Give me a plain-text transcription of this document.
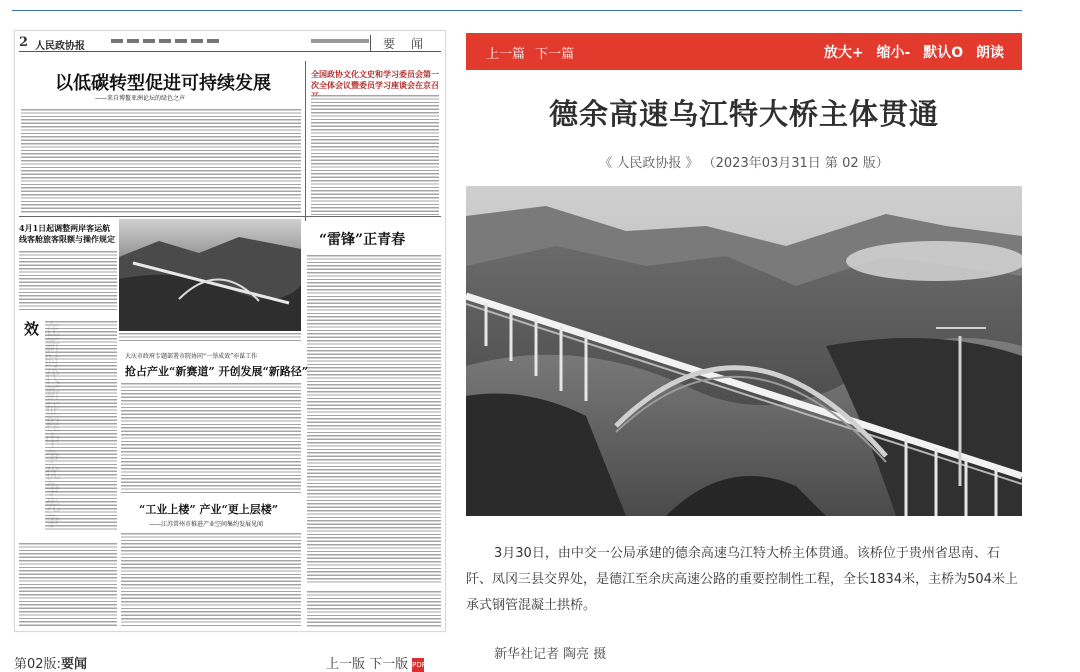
2 人民政协报	要闻
以低碳转型促进可持续发展
——来自博鳌亚洲论坛的绿色之声
全国政协文化文史和学习委员会第一次全体会议暨委员学习座谈会在京召
4月1日起调整两岸客运航线客舱旅客限额与操作规定	“雷锋”正青春
效
大庆市政府专题部署市院协同“一举成效”亦谋工作
抢占产业“新赛道” 开创发展“新路径”
“工业上楼” 产业“更上层楼”
——江苏常州市推进产业空间集约发展见闻
第02版:要闻	上一版 下一版 PDF
上一篇 下一篇	放大+ 缩小- 默认O 朗读
德余高速乌江特大桥主体贯通
《 人民政协报 》 （2023年03月31日 第 02 版）

3月30日，由中交一公局承建的德余高速乌江特大桥主体贯通。该桥位于贵州省思南、石阡、凤冈三县交界处，是德江至余庆高速公路的重要控制性工程，全长1834米，主桥为504米上承式钢管混凝土拱桥。

新华社记者 陶亮 摄
